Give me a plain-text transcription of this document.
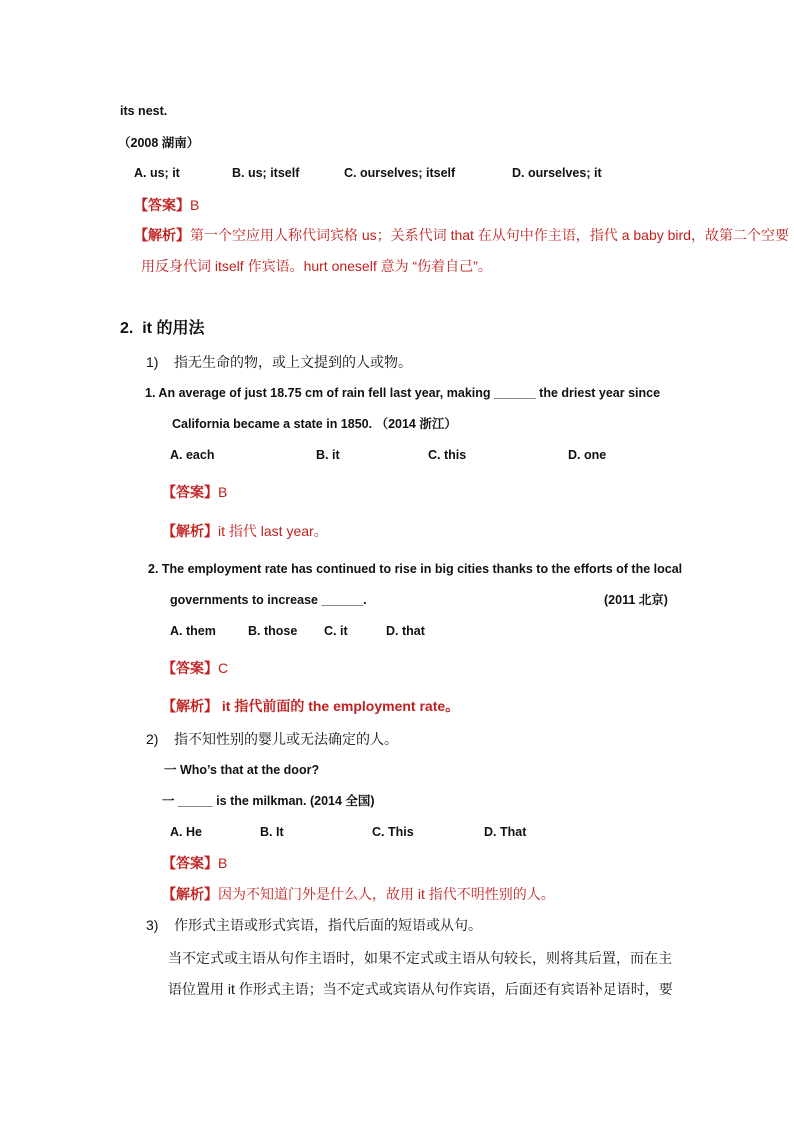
its nest.
（2008 湖南）
A. us; it	B. us; itself	C. ourselves; itself	D. ourselves; it
【答案】B
【解析】第一个空应用人称代词宾格 us；关系代词 that 在从句中作主语，指代 a baby bird，故第二个空要
用反身代词 itself 作宾语。hurt oneself 意为 “伤着自己”。
2. it 的用法
1) 指无生命的物，或上文提到的人或物。
1. An average of just 18.75 cm of rain fell last year, making ______ the driest year since
California became a state in 1850. （2014 浙江）
A. each	B. it	C. this	D. one
【答案】B
【解析】it 指代 last year。
2. The employment rate has continued to rise in big cities thanks to the efforts of the local
governments to increase ______.	(2011 北京)
A. them	B. those C. it	D. that
【答案】C
【解析】 it 指代前面的 the employment rate。
2) 指不知性别的婴儿或无法确定的人。
一 Who’s that at the door?
一 _____ is the milkman. (2014 全国)
A. He	B. It	C. This	D. That
【答案】B
【解析】因为不知道门外是什么人，故用 it 指代不明性别的人。
3) 作形式主语或形式宾语，指代后面的短语或从句。
当不定式或主语从句作主语时，如果不定式或主语从句较长，则将其后置，而在主
语位置用 it 作形式主语；当不定式或宾语从句作宾语，后面还有宾语补足语时，要
